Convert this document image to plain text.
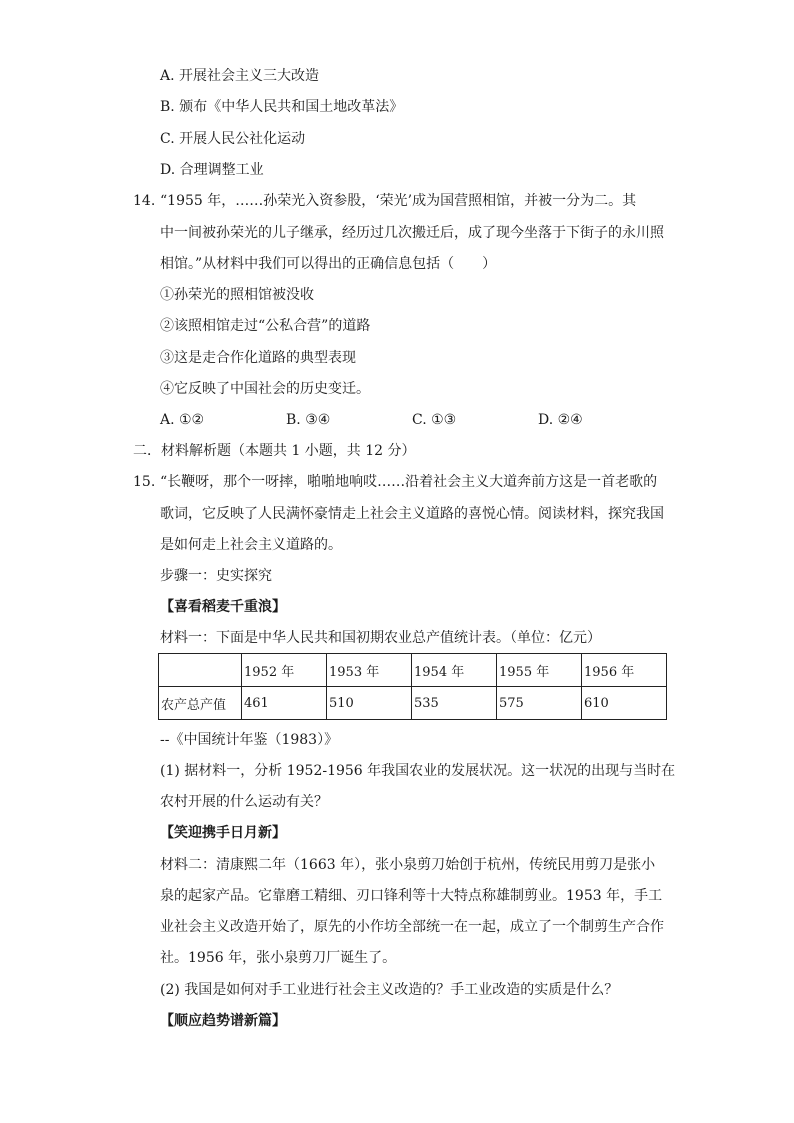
A. 开展社会主义三大改造
B. 颁布《中华人民共和国土地改革法》
C. 开展人民公社化运动
D. 合理调整工业
14. “1955 年，……孙荣光入资参股，‘荣光’成为国营照相馆，并被一分为二。其
中一间被孙荣光的儿子继承，经历过几次搬迁后，成了现今坐落于下街子的永川照
相馆。”从材料中我们可以得出的正确信息包括（　　）
①孙荣光的照相馆被没收
②该照相馆走过“公私合营”的道路
③这是走合作化道路的典型表现
④它反映了中国社会的历史变迁。
A. ①②	B. ③④	C. ①③	D. ②④
二．材料解析题（本题共 1 小题，共 12 分）
15. “长鞭呀，那个一呀摔，啪啪地响哎……沿着社会主义大道奔前方这是一首老歌的
歌词，它反映了人民满怀豪情走上社会主义道路的喜悦心情。阅读材料，探究我国
是如何走上社会主义道路的。
步骤一：史实探究
【喜看稻麦千重浪】
材料一：下面是中华人民共和国初期农业总产值统计表。（单位：亿元）
	1952 年	1953 年	1954 年	1955 年	1956 年
农产总产值	461	510	535	575	610
--《中国统计年鉴（1983）》
(1) 据材料一，分析 1952-1956 年我国农业的发展状况。这一状况的出现与当时在
农村开展的什么运动有关？
【笑迎携手日月新】
材料二：清康熙二年（1663 年），张小泉剪刀始创于杭州，传统民用剪刀是张小
泉的起家产品。它靠磨工精细、刃口锋利等十大特点称雄制剪业。1953 年，手工
业社会主义改造开始了，原先的小作坊全部统一在一起，成立了一个制剪生产合作
社。1956 年，张小泉剪刀厂诞生了。
(2) 我国是如何对手工业进行社会主义改造的？手工业改造的实质是什么？
【顺应趋势谱新篇】
